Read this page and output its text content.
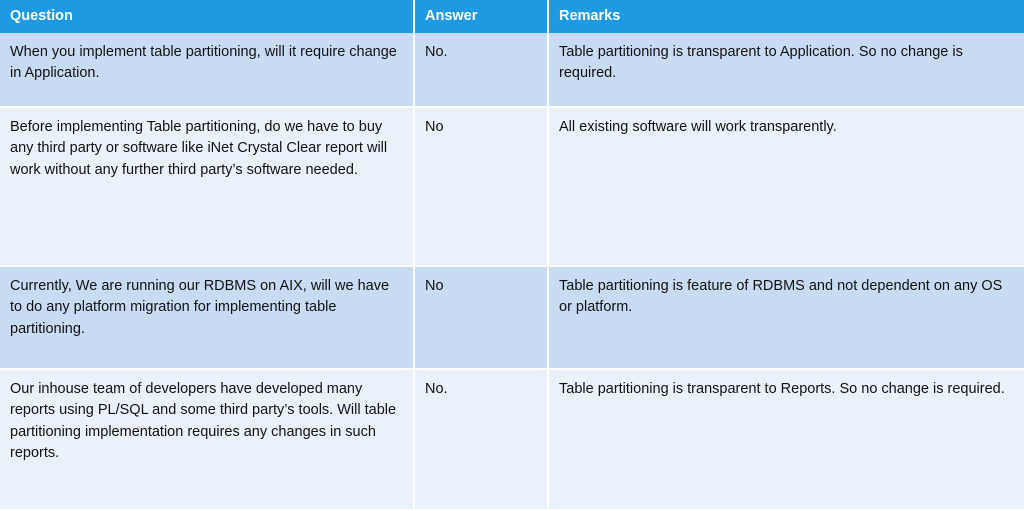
Question	Answer	Remarks

When you implement table partitioning, will it require change in Application.	No.	Table partitioning is transparent to Application. So no change is required.

Before implementing Table partitioning, do we have to buy any third party or software like iNet Crystal Clear report will work without any further third party’s software needed.	No	All existing software will work transparently.

Currently, We are running our RDBMS on AIX, will we have to do any platform migration for implementing table partitioning.	No	Table partitioning is feature of RDBMS and not dependent on any OS or platform.

Our inhouse team of developers have developed many reports using PL/SQL and some third party’s tools. Will table partitioning implementation requires any changes in such reports.	No.	Table partitioning is transparent to Reports. So no change is required.
